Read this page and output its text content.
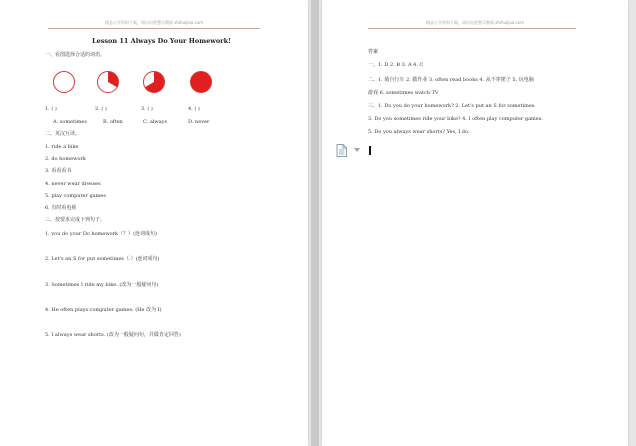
精品小学资料下载，请访问智慧乐教网 zhihuijiao.com
Lesson 11 Always Do Your Homework!
一、看图选择合适的词语。
1. ( )	2. ( )	3. ( )	4. ( )
A. sometimes	B. often	C. always	D. never
二、英汉互译。
1. ride a bike
2. do homework
3. 看看看书
4. never wear dresses
5. play computer games
6. 有时看电视
三、按要求完成下列句子。
1. you do your Do homework（？）(连词成句)
2. Let's an S for put sometimes（.）(连词成句)
3. Sometimes I ride my bike. (改为一般疑问句)
4. He often plays computer games. (He 改为 I)
5. I always wear shorts. (改为一般疑问句，并做肯定回答)
精品小学资料下载，请访问智慧乐教网 zhihuijiao.com
答案
一、1. D 2. B 3. A 4. C
二、1. 骑自行车 2. 做作业 3. often read books 4. 从不穿裙子 5. 玩电脑
游戏 6. sometimes watch TV
三、1. Do you do your homework? 2. Let's put an S for sometimes.
3. Do you sometimes ride your bike? 4. I often play computer games.
5. Do you always wear shorts? Yes, I do.
